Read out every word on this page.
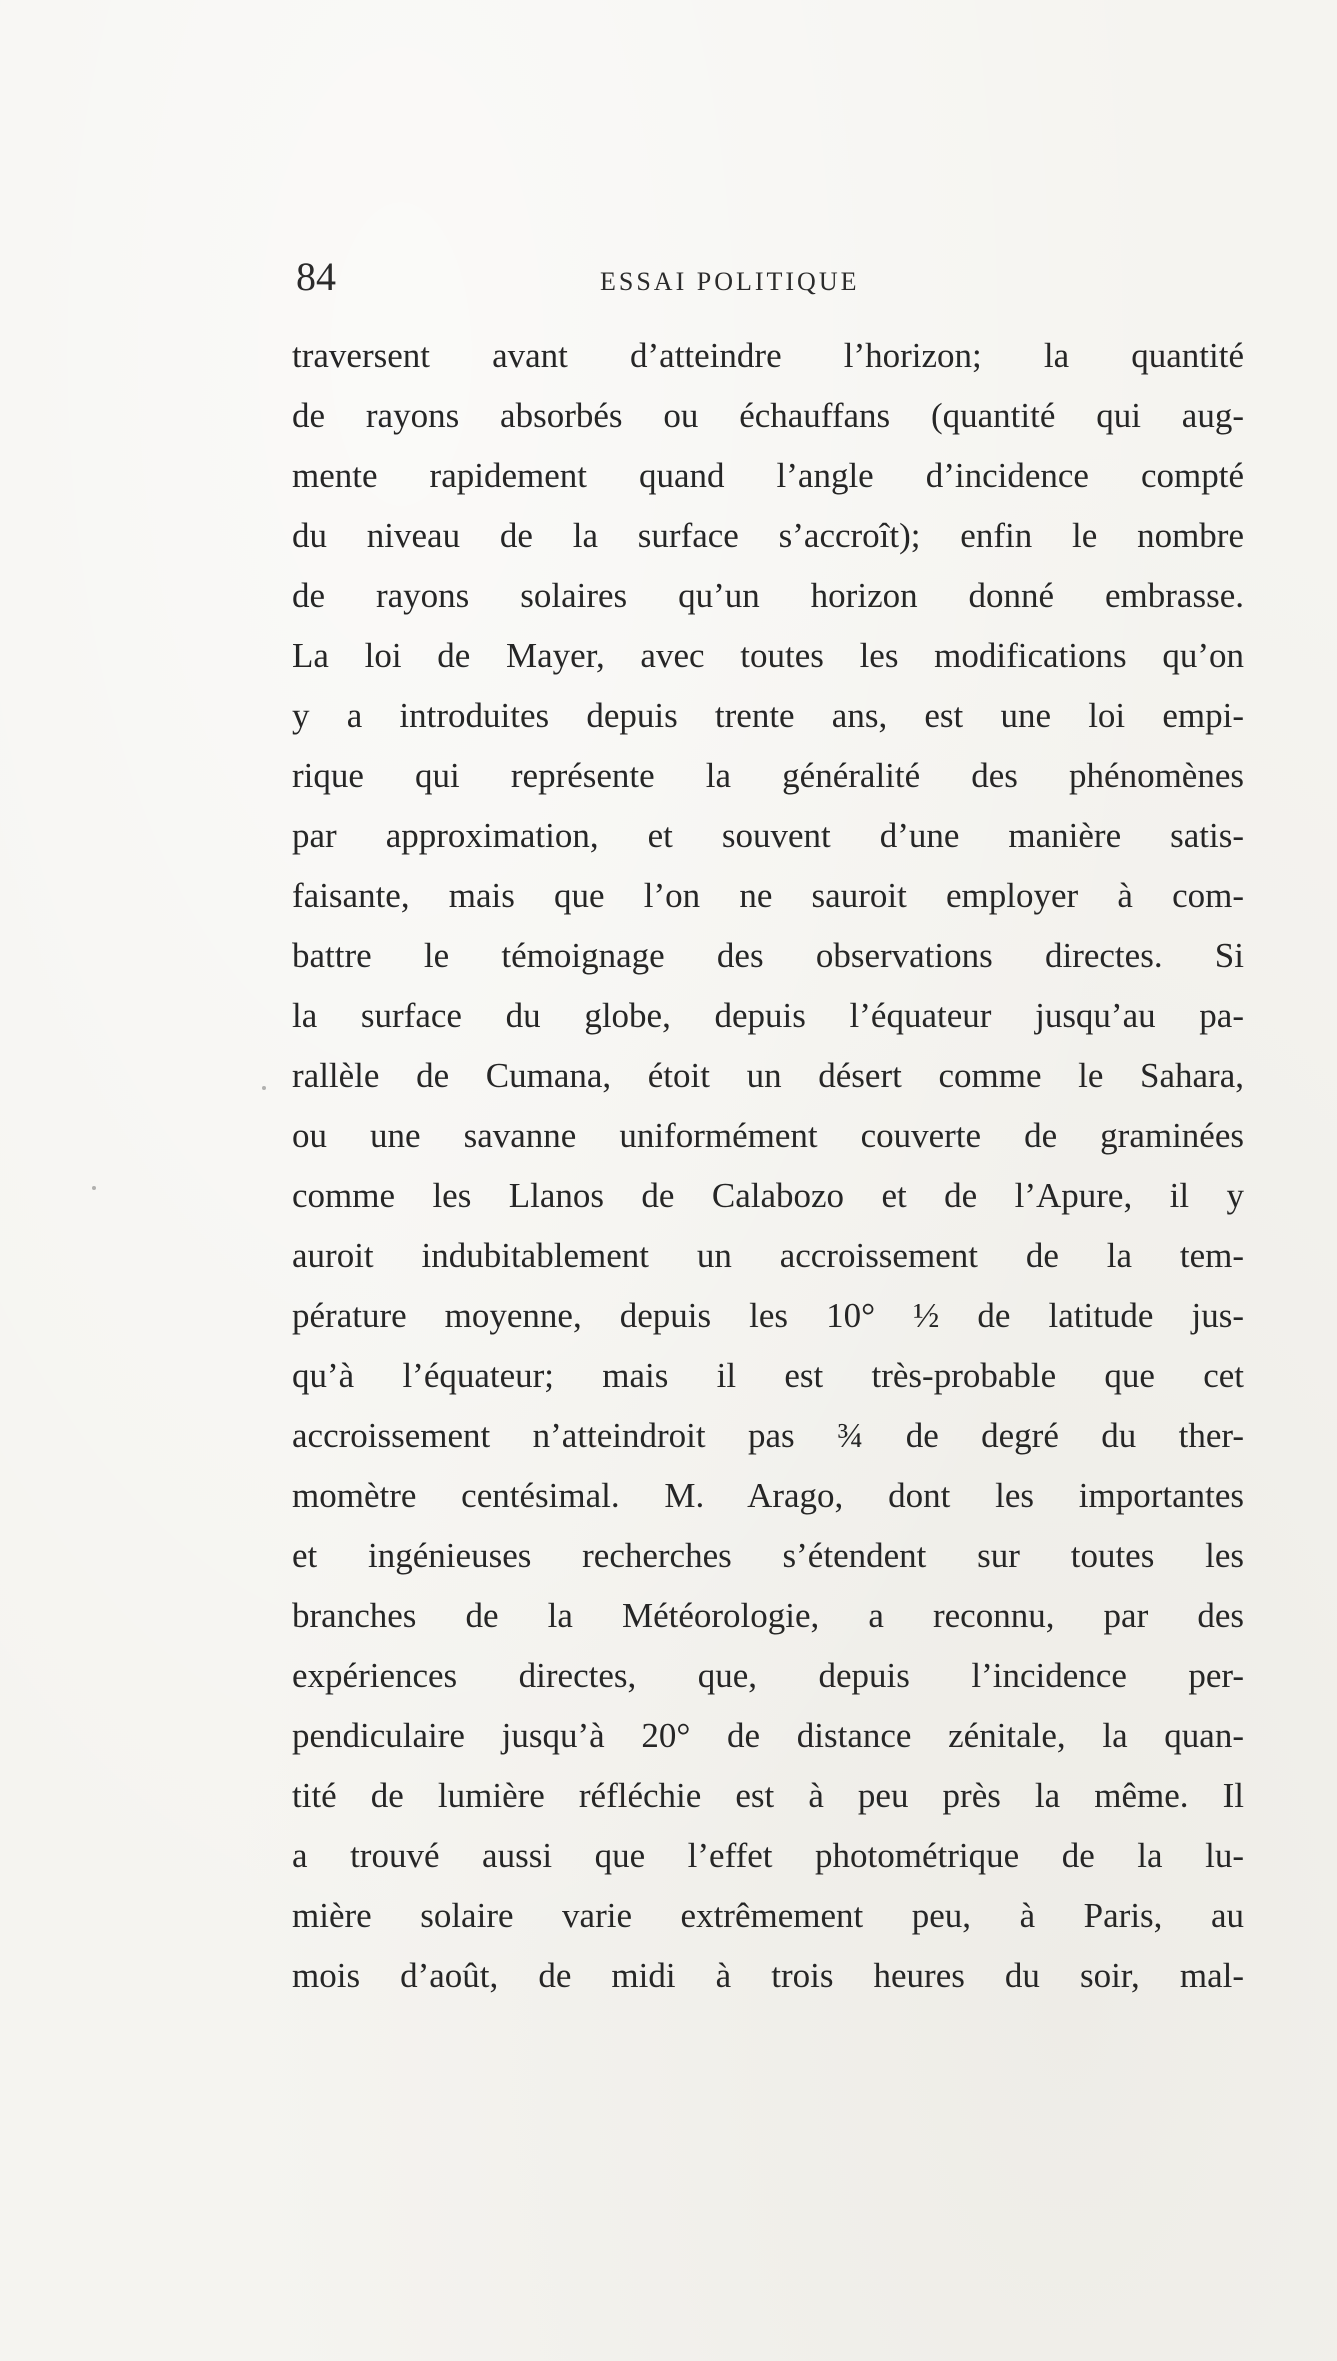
84	ESSAI POLITIQUE
traversent avant d’atteindre l’horizon; la quantité
de rayons absorbés ou échauffans (quantité qui aug-
mente rapidement quand l’angle d’incidence compté
du niveau de la surface s’accroît); enfin le nombre
de rayons solaires qu’un horizon donné embrasse.
La loi de Mayer, avec toutes les modifications qu’on
y a introduites depuis trente ans, est une loi empi-
rique qui représente la généralité des phénomènes
par approximation, et souvent d’une manière satis-
faisante, mais que l’on ne sauroit employer à com-
battre le témoignage des observations directes. Si
la surface du globe, depuis l’équateur jusqu’au pa-
rallèle de Cumana, étoit un désert comme le Sahara,
ou une savanne uniformément couverte de graminées
comme les Llanos de Calabozo et de l’Apure, il y
auroit indubitablement un accroissement de la tem-
pérature moyenne, depuis les 10° ½ de latitude jus-
qu’à l’équateur; mais il est très-probable que cet
accroissement n’atteindroit pas ¾ de degré du ther-
momètre centésimal. M. Arago, dont les importantes
et ingénieuses recherches s’étendent sur toutes les
branches de la Météorologie, a reconnu, par des
expériences directes, que, depuis l’incidence per-
pendiculaire jusqu’à 20° de distance zénitale, la quan-
tité de lumière réfléchie est à peu près la même. Il
a trouvé aussi que l’effet photométrique de la lu-
mière solaire varie extrêmement peu, à Paris, au
mois d’août, de midi à trois heures du soir, mal-
